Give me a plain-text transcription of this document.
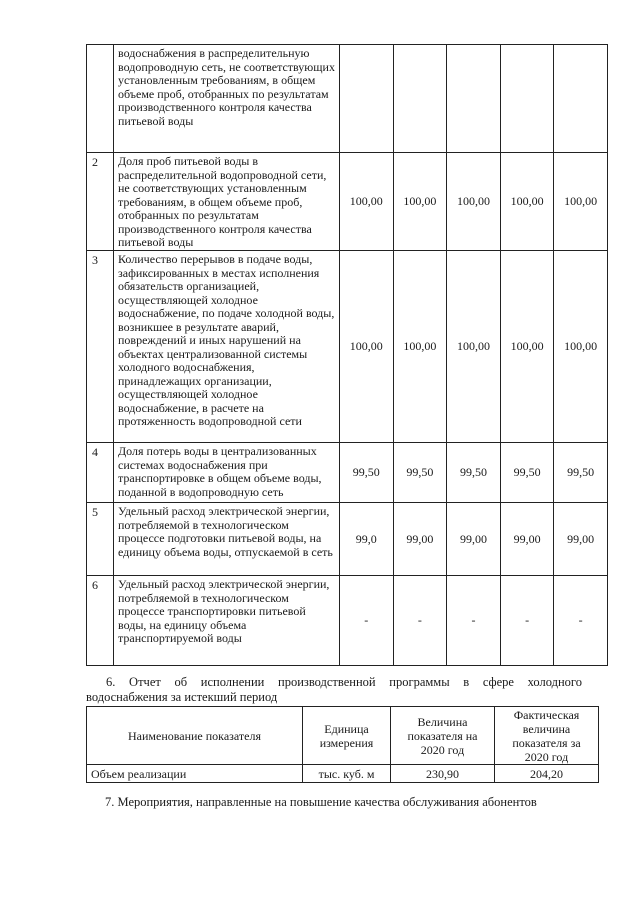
	водоснабжения в распределительную водопроводную сеть, не соответствующих установленным требованиям, в общем объеме проб, отобранных по результатам производственного контроля качества питьевой воды					
2	Доля проб питьевой воды в распределительной водопроводной сети, не соответствующих установленным требованиям, в общем объеме проб, отобранных по результатам производственного контроля качества питьевой воды	100,00	100,00	100,00	100,00	100,00
3	Количество перерывов в подаче воды, зафиксированных в местах исполнения обязательств организацией, осуществляющей холодное водоснабжение, по подаче холодной воды, возникшее в результате аварий, повреждений и иных нарушений на объектах централизованной системы холодного водоснабжения, принадлежащих организации, осуществляющей холодное водоснабжение, в расчете на протяженность водопроводной сети	100,00	100,00	100,00	100,00	100,00
4	Доля потерь воды в централизованных системах водоснабжения при транспортировке в общем объеме воды, поданной в водопроводную сеть	99,50	99,50	99,50	99,50	99,50
5	Удельный расход электрической энергии, потребляемой в технологическом процессе подготовки питьевой воды, на единицу объема воды, отпускаемой в сеть	99,0	99,00	99,00	99,00	99,00
6	Удельный расход электрической энергии, потребляемой в технологическом процессе транспортировки питьевой воды, на единицу объема транспортируемой воды	-	-	-	-	-
6. Отчет об исполнении производственной программы в сфере холодного
водоснабжения за истекший период
Наименование показателя	Единица измерения	Величина показателя на 2020 год	Фактическая величина показателя за 2020 год
Объем реализации	тыс. куб. м	230,90	204,20
7. Мероприятия, направленные на повышение качества обслуживания абонентов
